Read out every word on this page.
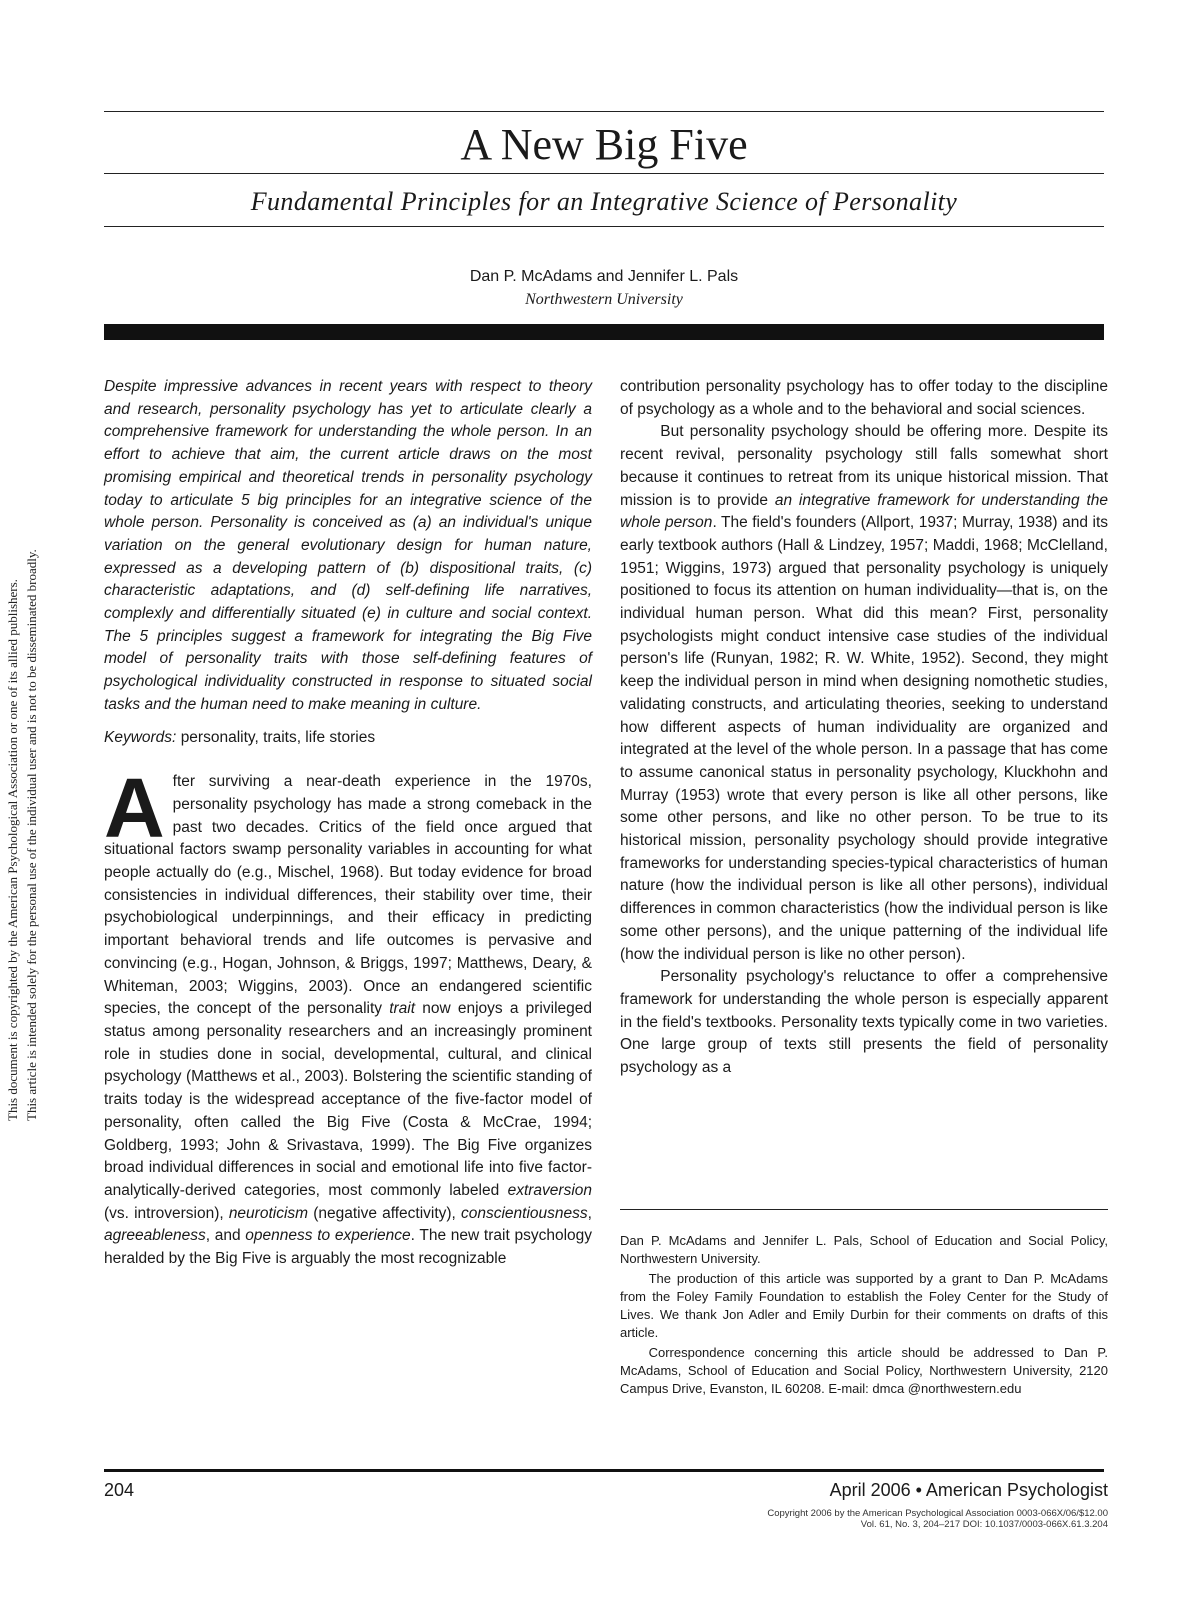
A New Big Five
Fundamental Principles for an Integrative Science of Personality
Dan P. McAdams and Jennifer L. Pals
Northwestern University
This document is copyrighted by the American Psychological Association or one of its allied publishers. This article is intended solely for the personal use of the individual user and is not to be disseminated broadly.

Despite impressive advances in recent years with respect to theory and research, personality psychology has yet to articulate clearly a comprehensive framework for understanding the whole person. In an effort to achieve that aim, the current article draws on the most promising empirical and theoretical trends in personality psychology today to articulate 5 big principles for an integrative science of the whole person. Personality is conceived as (a) an individual's unique variation on the general evolutionary design for human nature, expressed as a developing pattern of (b) dispositional traits, (c) characteristic adaptations, and (d) self-defining life narratives, complexly and differentially situated (e) in culture and social context. The 5 principles suggest a framework for integrating the Big Five model of personality traits with those self-defining features of psychological individuality constructed in response to situated social tasks and the human need to make meaning in culture.

Keywords: personality, traits, life stories

After surviving a near-death experience in the 1970s, personality psychology has made a strong comeback in the past two decades. Critics of the field once argued that situational factors swamp personality variables in accounting for what people actually do (e.g., Mischel, 1968). But today evidence for broad consistencies in individual differences, their stability over time, their psychobiological underpinnings, and their efficacy in predicting important behavioral trends and life outcomes is pervasive and convincing (e.g., Hogan, Johnson, & Briggs, 1997; Matthews, Deary, & Whiteman, 2003; Wiggins, 2003). Once an endangered scientific species, the concept of the personality trait now enjoys a privileged status among personality researchers and an increasingly prominent role in studies done in social, developmental, cultural, and clinical psychology (Matthews et al., 2003). Bolstering the scientific standing of traits today is the widespread acceptance of the five-factor model of personality, often called the Big Five (Costa & McCrae, 1994; Goldberg, 1993; John & Srivastava, 1999). The Big Five organizes broad individual differences in social and emotional life into five factor-analytically-derived categories, most commonly labeled extraversion (vs. introversion), neuroticism (negative affectivity), conscientiousness, agreeableness, and openness to experience. The new trait psychology heralded by the Big Five is arguably the most recognizable

contribution personality psychology has to offer today to the discipline of psychology as a whole and to the behavioral and social sciences.

But personality psychology should be offering more. Despite its recent revival, personality psychology still falls somewhat short because it continues to retreat from its unique historical mission. That mission is to provide an integrative framework for understanding the whole person. The field's founders (Allport, 1937; Murray, 1938) and its early textbook authors (Hall & Lindzey, 1957; Maddi, 1968; McClelland, 1951; Wiggins, 1973) argued that personality psychology is uniquely positioned to focus its attention on human individuality—that is, on the individual human person. What did this mean? First, personality psychologists might conduct intensive case studies of the individual person's life (Runyan, 1982; R. W. White, 1952). Second, they might keep the individual person in mind when designing nomothetic studies, validating constructs, and articulating theories, seeking to understand how different aspects of human individuality are organized and integrated at the level of the whole person. In a passage that has come to assume canonical status in personality psychology, Kluckhohn and Murray (1953) wrote that every person is like all other persons, like some other persons, and like no other person. To be true to its historical mission, personality psychology should provide integrative frameworks for understanding species-typical characteristics of human nature (how the individual person is like all other persons), individual differences in common characteristics (how the individual person is like some other persons), and the unique patterning of the individual life (how the individual person is like no other person).

Personality psychology's reluctance to offer a comprehensive framework for understanding the whole person is especially apparent in the field's textbooks. Personality texts typically come in two varieties. One large group of texts still presents the field of personality psychology as a

Dan P. McAdams and Jennifer L. Pals, School of Education and Social Policy, Northwestern University.

The production of this article was supported by a grant to Dan P. McAdams from the Foley Family Foundation to establish the Foley Center for the Study of Lives. We thank Jon Adler and Emily Durbin for their comments on drafts of this article.

Correspondence concerning this article should be addressed to Dan P. McAdams, School of Education and Social Policy, Northwestern University, 2120 Campus Drive, Evanston, IL 60208. E-mail: dmca @northwestern.edu

204	April 2006 • American Psychologist
Copyright 2006 by the American Psychological Association 0003-066X/06/$12.00
Vol. 61, No. 3, 204–217 DOI: 10.1037/0003-066X.61.3.204
